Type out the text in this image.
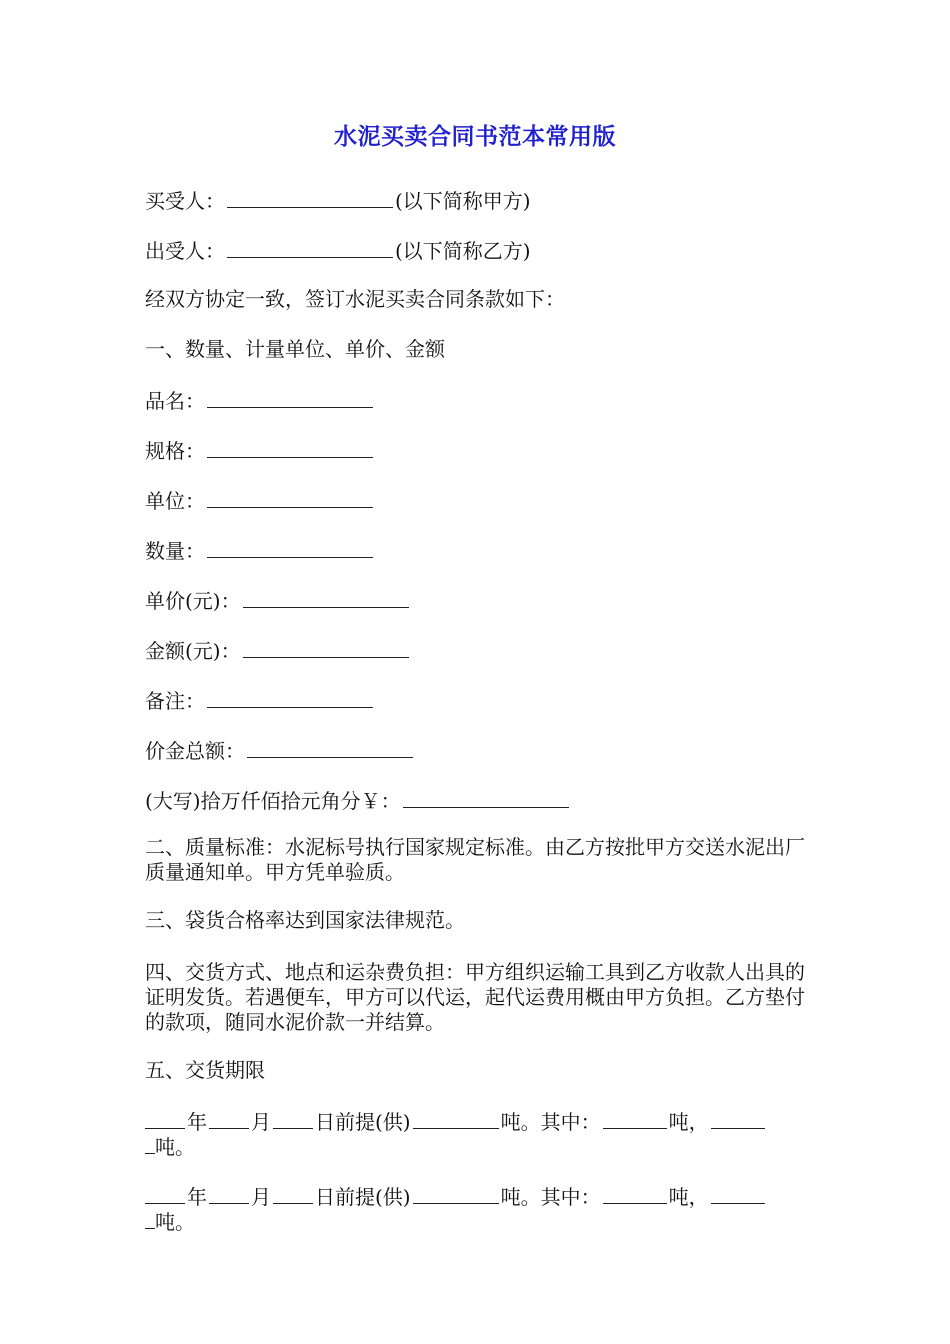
水泥买卖合同书范本常用版
买受人：	(以下简称甲方)
出受人：	(以下简称乙方)
经双方协定一致，签订水泥买卖合同条款如下：
一、数量、计量单位、单价、金额
品名：
规格：
单位：
数量：
单价(元)：
金额(元)：
备注：
价金总额：
(大写)拾万仟佰拾元角分￥：
二、质量标准：水泥标号执行国家规定标准。由乙方按批甲方交送水泥出厂质量通知单。甲方凭单验质。
三、袋货合格率达到国家法律规范。
四、交货方式、地点和运杂费负担：甲方组织运输工具到乙方收款人出具的证明发货。若遇便车，甲方可以代运，起代运费用概由甲方负担。乙方垫付的款项，随同水泥价款一并结算。
五、交货期限
年 月 日前提(供)	吨。其中：	吨，
吨。
年 月 日前提(供)	吨。其中：	吨，
吨。
